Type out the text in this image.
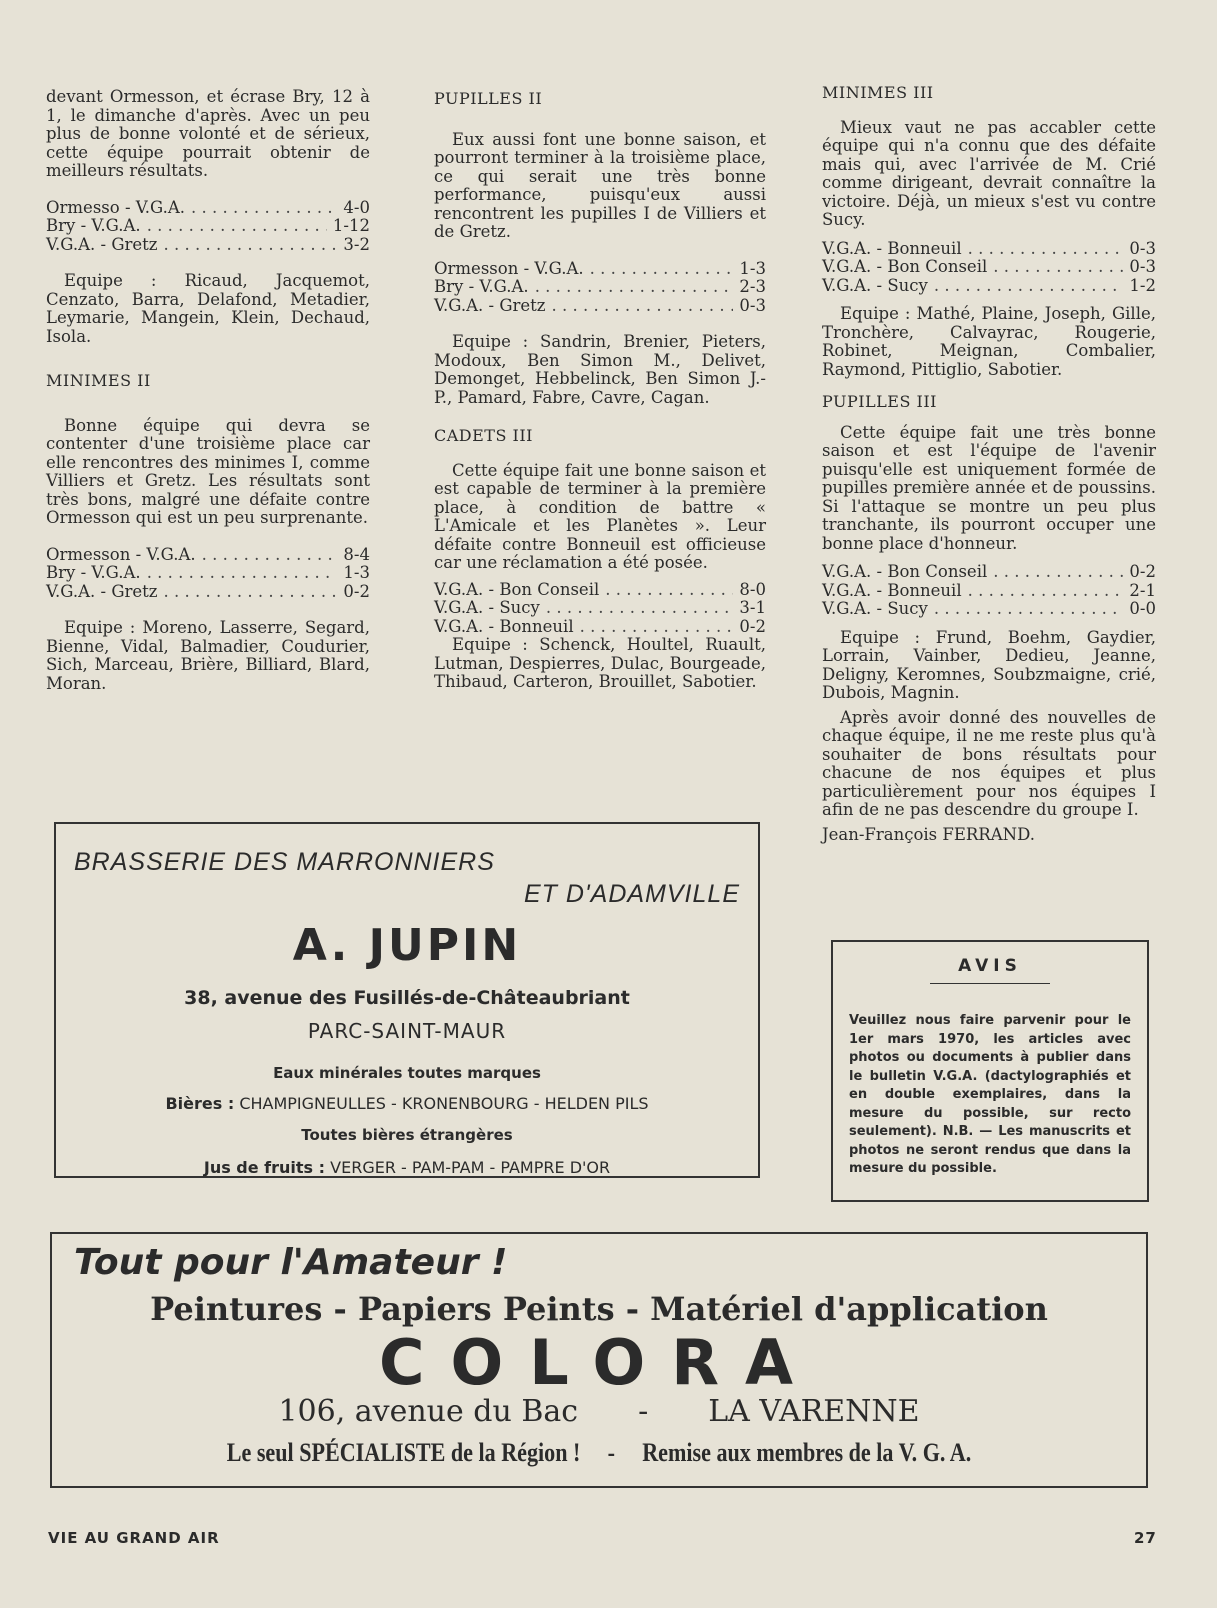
devant Ormesson, et écrase Bry, 12 à 1, le dimanche d'après. Avec un peu plus de bonne volonté et de sérieux, cette équipe pourrait obtenir de meilleurs résultats.

Ormesso - V.G.A. . . .	4-0
Bry - V.G.A. . . .	1-12
V.G.A. - Gretz . . .	3-2

Equipe : Ricaud, Jacquemot, Cenzato, Barra, Delafond, Metadier, Leymarie, Mangein, Klein, Dechaud, Isola.

MINIMES II

Bonne équipe qui devra se contenter d'une troisième place car elle rencontres des minimes I, comme Villiers et Gretz. Les résultats sont très bons, malgré une défaite contre Ormesson qui est un peu surprenante.

Ormesson - V.G.A. . . .	8-4
Bry - V.G.A. . . .	1-3
V.G.A. - Gretz . . .	0-2

Equipe : Moreno, Lasserre, Segard, Bienne, Vidal, Balmadier, Coudurier, Sich, Marceau, Brière, Billiard, Blard, Moran.

PUPILLES II

Eux aussi font une bonne saison, et pourront terminer à la troisième place, ce qui serait une très bonne performance, puisqu'eux aussi rencontrent les pupilles I de Villiers et de Gretz.

Ormesson - V.G.A. . . .	1-3
Bry - V.G.A. . . .	2-3
V.G.A. - Gretz . . .	0-3

Equipe : Sandrin, Brenier, Pieters, Modoux, Ben Simon M., Delivet, Demonget, Hebbelinck, Ben Simon J.-P., Pamard, Fabre, Cavre, Cagan.

CADETS III

Cette équipe fait une bonne saison et est capable de terminer à la première place, à condition de battre « L'Amicale et les Planètes ». Leur défaite contre Bonneuil est officieuse car une réclamation a été posée.

V.G.A. - Bon Conseil . . .	8-0
V.G.A. - Sucy . . .	3-1
V.G.A. - Bonneuil . . .	0-2

Equipe : Schenck, Houltel, Ruault, Lutman, Despierres, Dulac, Bourgeade, Thibaud, Carteron, Brouillet, Sabotier.

MINIMES III

Mieux vaut ne pas accabler cette équipe qui n'a connu que des défaite mais qui, avec l'arrivée de M. Crié comme dirigeant, devrait connaître la victoire. Déjà, un mieux s'est vu contre Sucy.

V.G.A. - Bonneuil . . .	0-3
V.G.A. - Bon Conseil . . .	0-3
V.G.A. - Sucy . . .	1-2

Equipe : Mathé, Plaine, Joseph, Gille, Tronchère, Calvayrac, Rougerie, Robinet, Meignan, Combalier, Raymond, Pittiglio, Sabotier.

PUPILLES III

Cette équipe fait une très bonne saison et est l'équipe de l'avenir puisqu'elle est uniquement formée de pupilles première année et de poussins. Si l'attaque se montre un peu plus tranchante, ils pourront occuper une bonne place d'honneur.

V.G.A. - Bon Conseil . . .	0-2
V.G.A. - Bonneuil . . .	2-1
V.G.A. - Sucy . . .	0-0

Equipe : Frund, Boehm, Gaydier, Lorrain, Vainber, Dedieu, Jeanne, Deligny, Keromnes, Soubzmaigne, crié, Dubois, Magnin.

Après avoir donné des nouvelles de chaque équipe, il ne me reste plus qu'à souhaiter de bons résultats pour chacune de nos équipes et plus particulièrement pour nos équipes I afin de ne pas descendre du groupe I.

Jean-François FERRAND.

BRASSERIE DES MARRONNIERS
ET D'ADAMVILLE
A. JUPIN
38, avenue des Fusillés-de-Châteaubriant
PARC-SAINT-MAUR
Eaux minérales toutes marques
Bières : CHAMPIGNEULLES - KRONENBOURG - HELDEN PILS
Toutes bières étrangères
Jus de fruits : VERGER - PAM-PAM - PAMPRE D'OR
AVIS
Veuillez nous faire parvenir pour le 1er mars 1970, les articles avec photos ou documents à publier dans le bulletin V.G.A. (dactylographiés et en double exemplaires, dans la mesure du possible, sur recto seulement). N.B. — Les manuscrits et photos ne seront rendus que dans la mesure du possible.
Tout pour l'Amateur !
Peintures - Papiers Peints - Matériel d'application
COLORA
106, avenue du Bac - LA VARENNE
Le seul SPÉCIALISTE de la Région ! - Remise aux membres de la V. G. A.
VIE AU GRAND AIR	27
